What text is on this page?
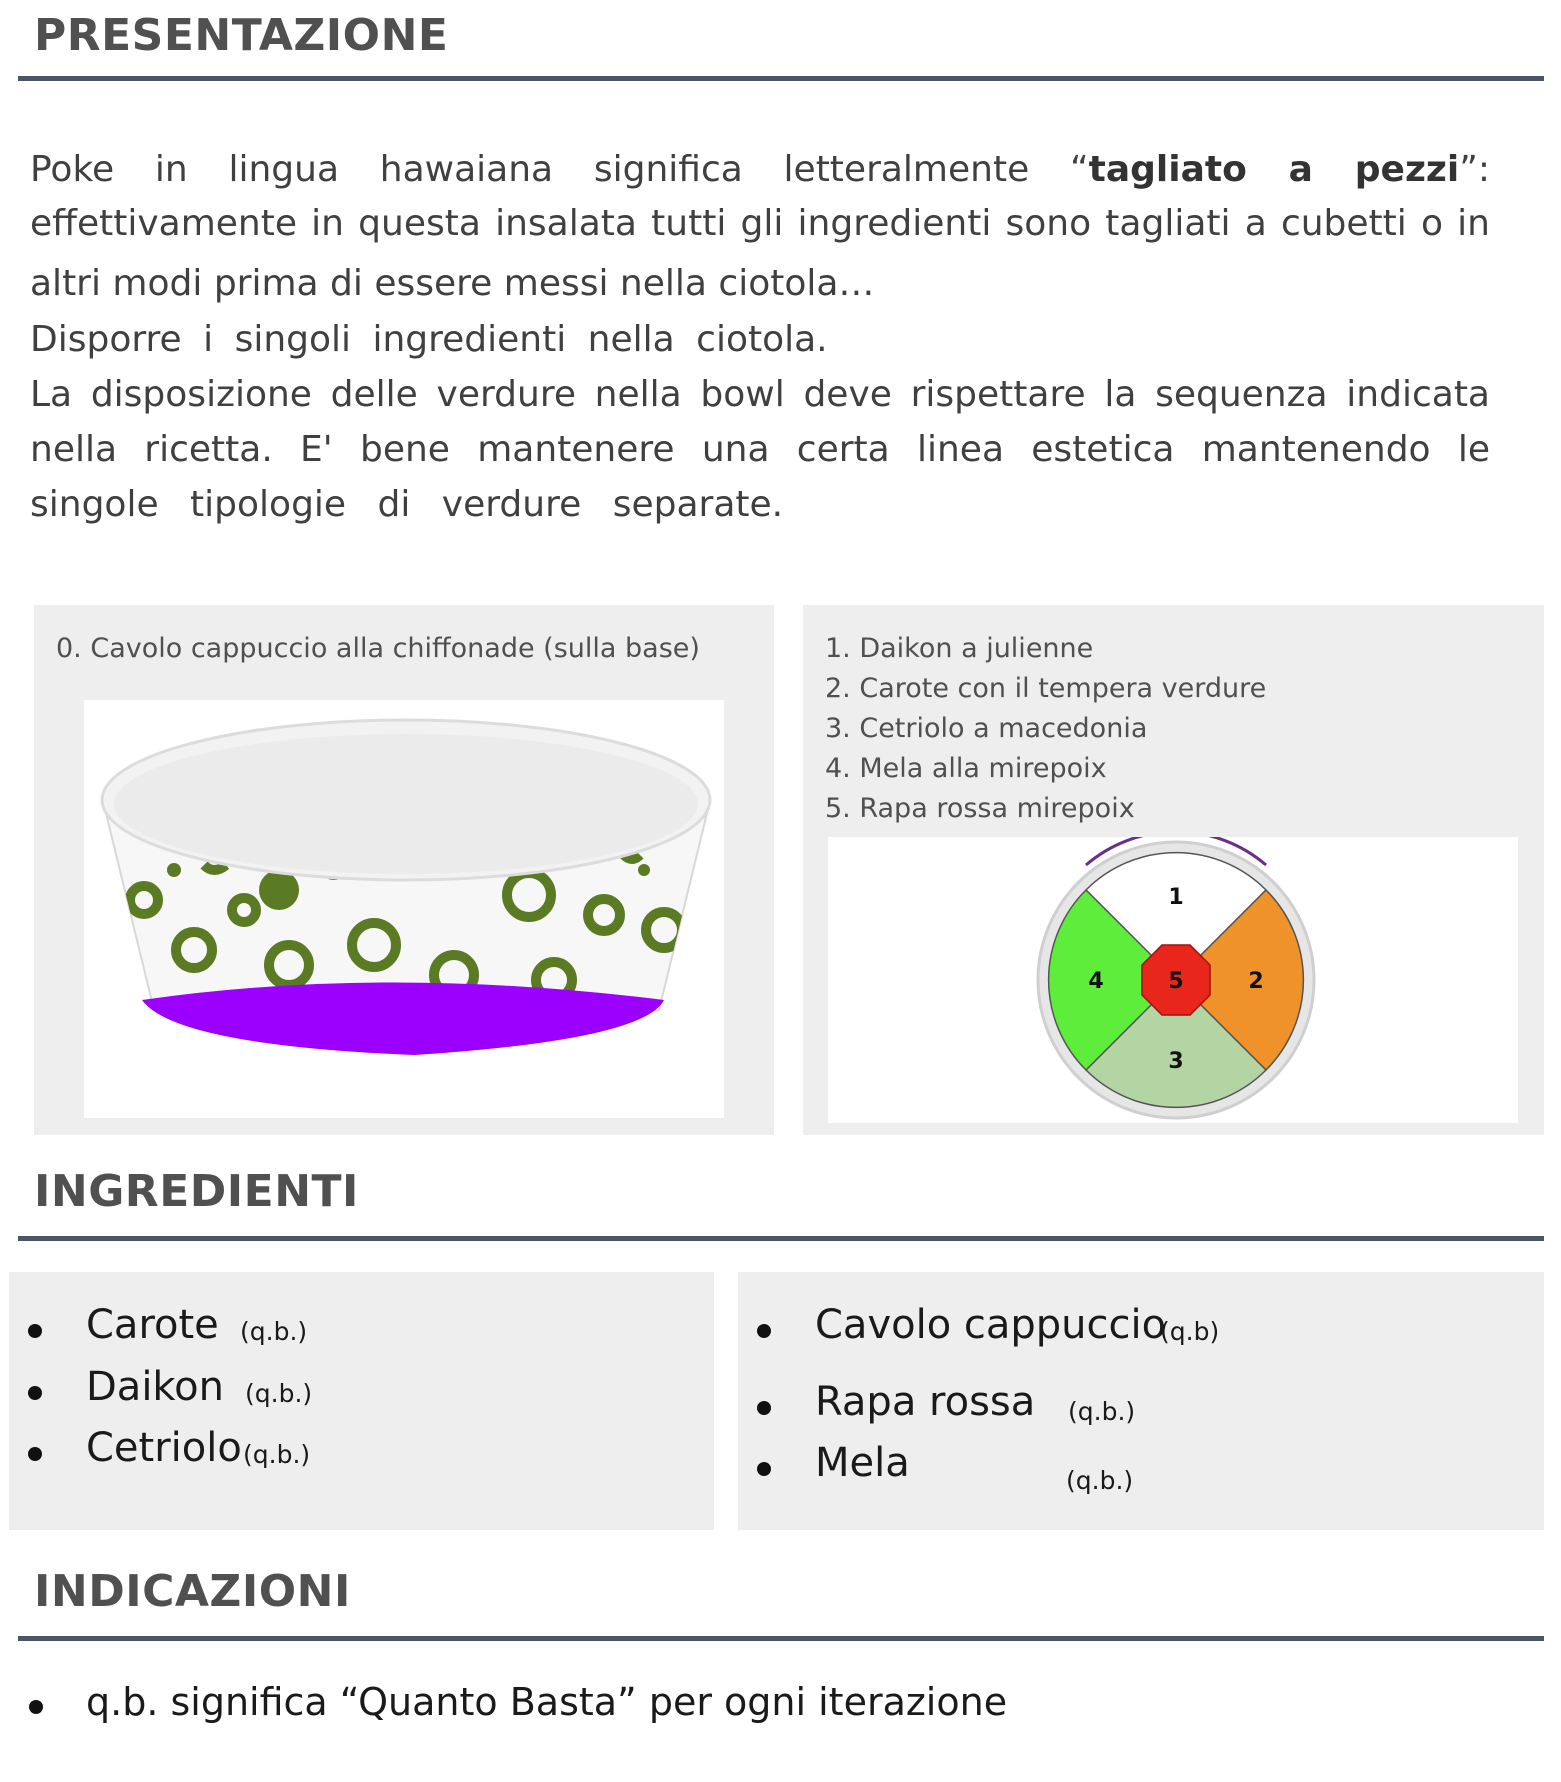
PRESENTAZIONE
Poke in lingua hawaiana significa letteralmente “tagliato a pezzi”:
effettivamente in questa insalata tutti gli ingredienti sono tagliati a cubetti o in
altri modi prima di essere messi nella ciotola…
Disporre i singoli ingredienti nella ciotola.
La disposizione delle verdure nella bowl deve rispettare la sequenza indicata
nella ricetta. E' bene mantenere una certa linea estetica mantenendo le
singole tipologie di verdure separate.
0. Cavolo cappuccio alla chiffonade (sulla base)	1. Daikon a julienne
2. Carote con il tempera verdure
3. Cetriolo a macedonia
4. Mela alla mirepoix
5. Rapa rossa mirepoix
1
2
3
4	5
INGREDIENTI
Carote (q.b.)
Daikon (q.b.)
Cetriolo (q.b.)
Cavolo cappuccio
(q.b)
Rapa rossa (q.b.)
Mela	(q.b.)
INDICAZIONI
q.b. significa “Quanto Basta” per ogni iterazione
